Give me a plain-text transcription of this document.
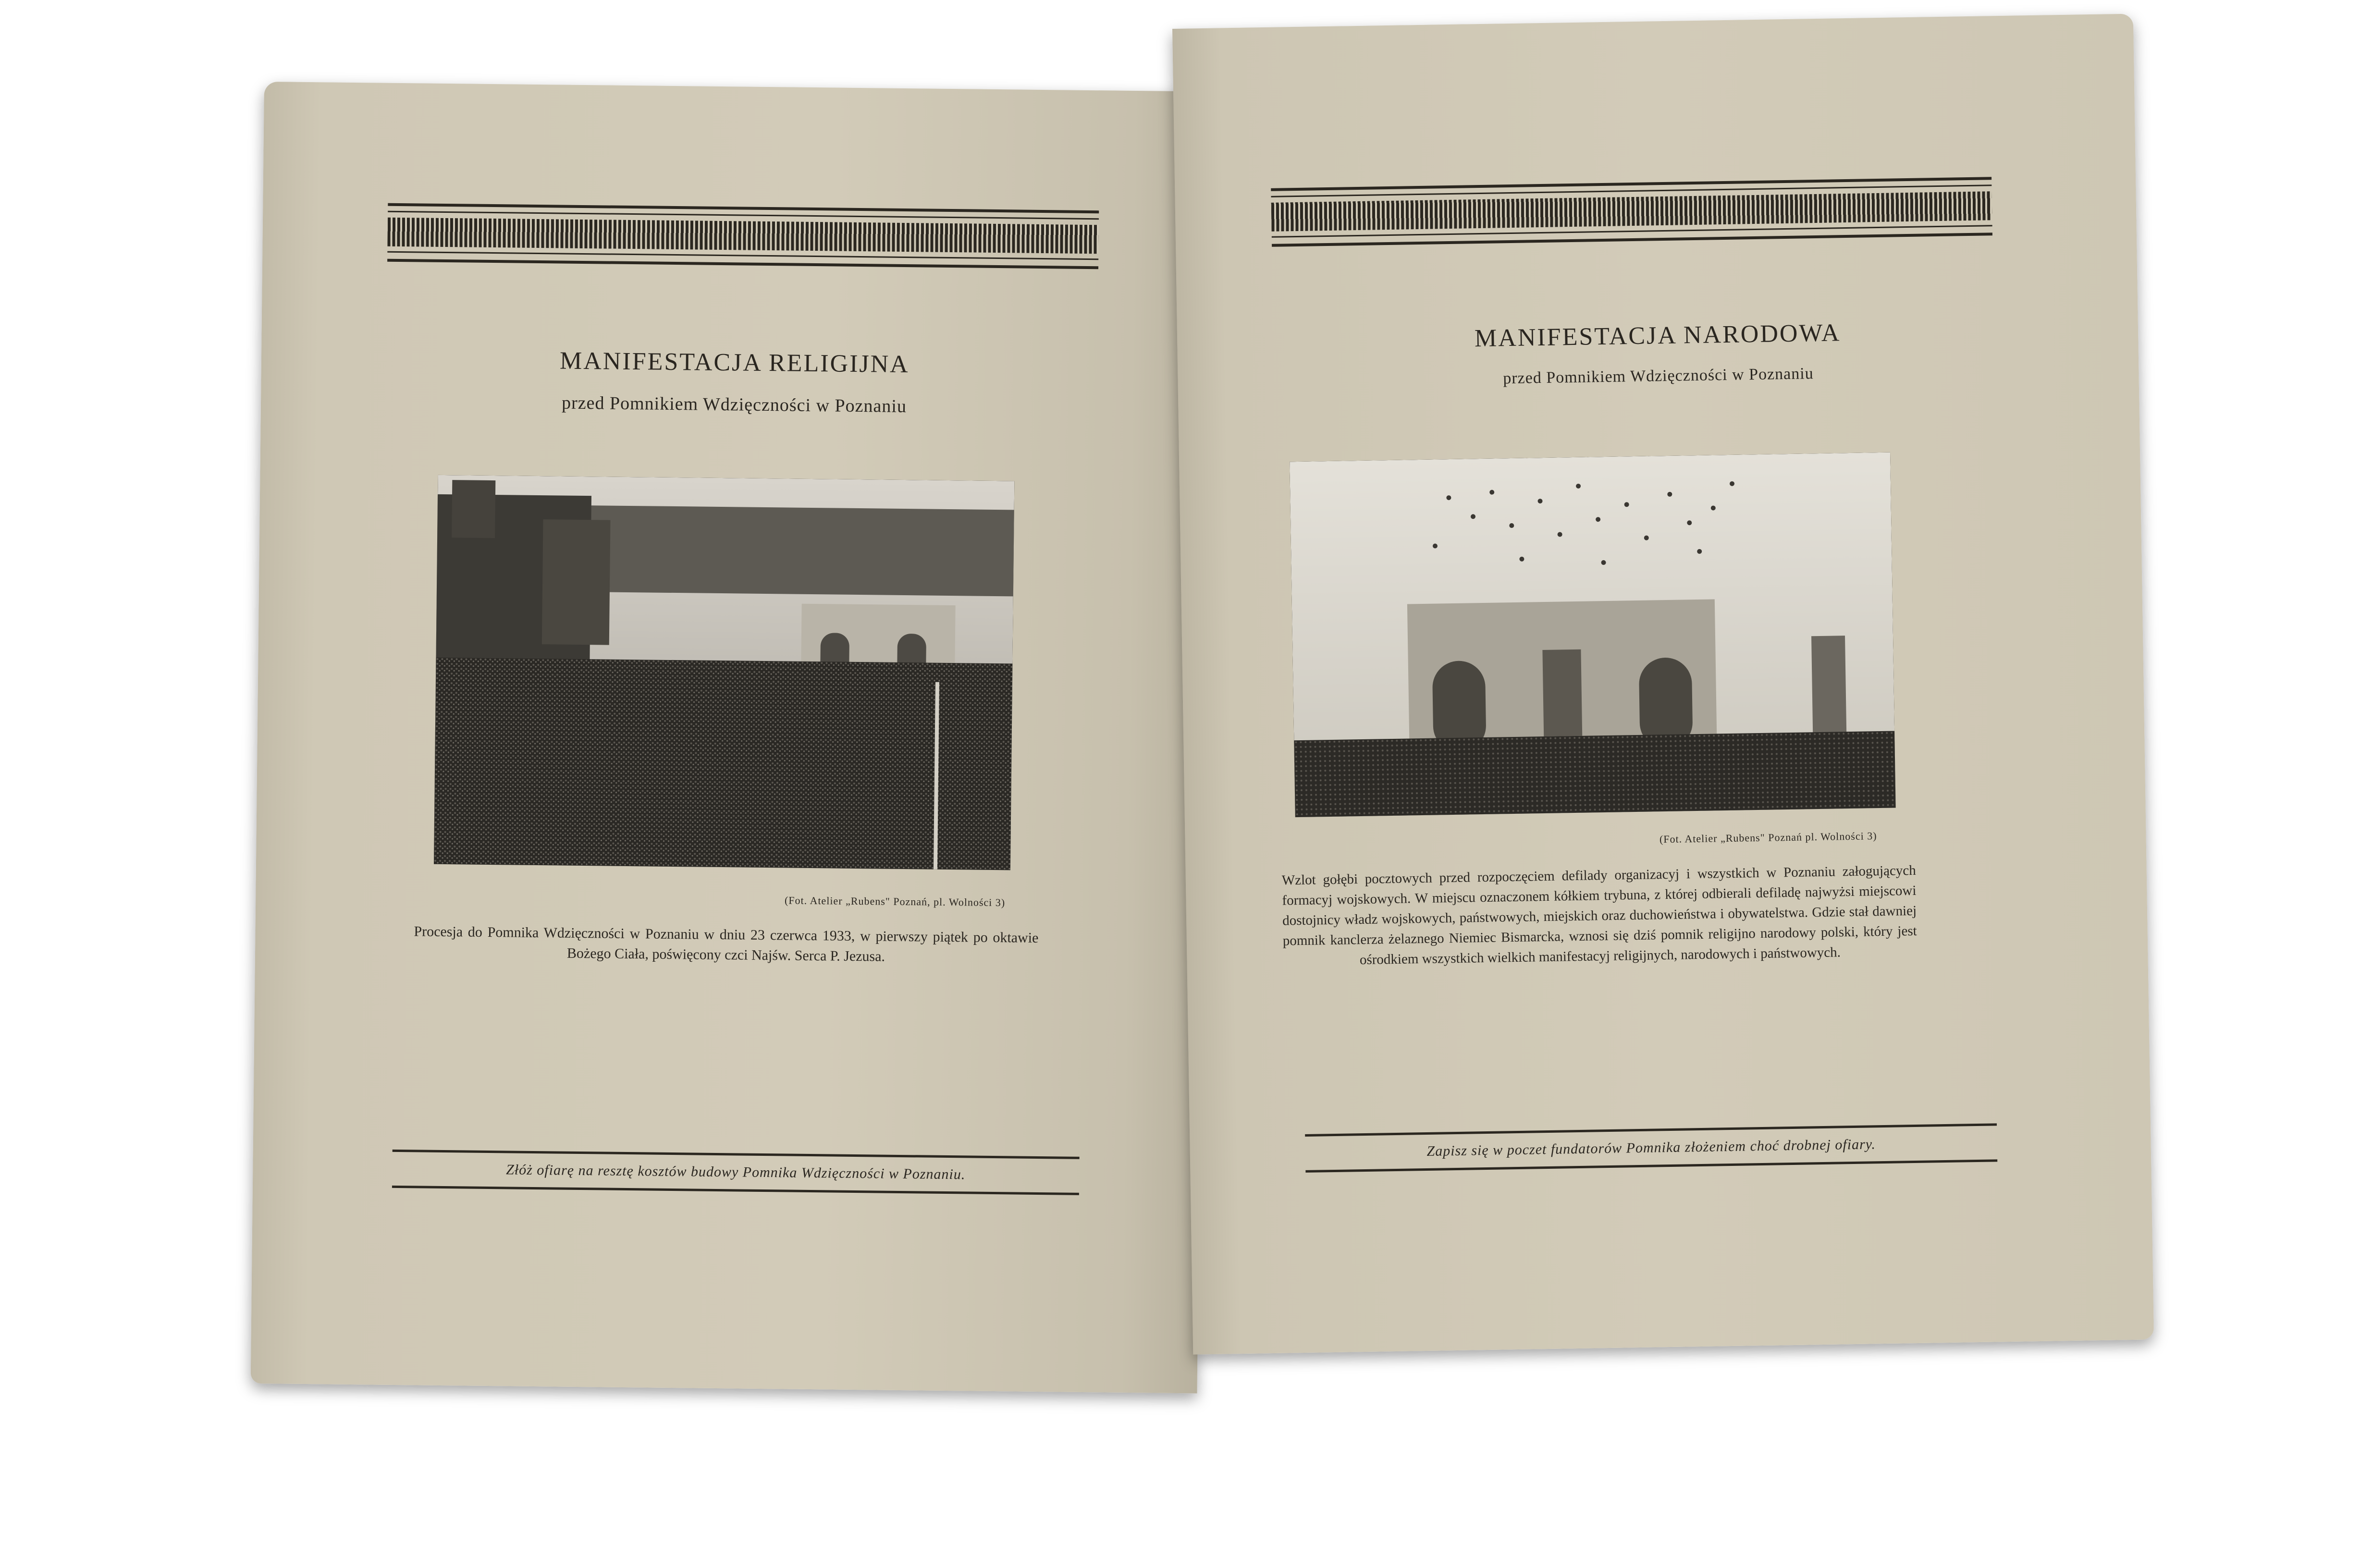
MANIFESTACJA RELIGIJNA
przed Pomnikiem Wdzięczności w Poznaniu
(Fot. Atelier „Rubens" Poznań, pl. Wolności 3)
Procesja do Pomnika Wdzięczności w Poznaniu w dniu 23 czerwca 1933, w pierwszy piątek po oktawie Bożego Ciała, poświęcony czci Najśw. Serca P. Jezusa.
Złóż ofiarę na resztę kosztów budowy Pomnika Wdzięczności w Poznaniu.
MANIFESTACJA NARODOWA
przed Pomnikiem Wdzięczności w Poznaniu
(Fot. Atelier „Rubens" Poznań pl. Wolności 3)
Wzlot gołębi pocztowych przed rozpoczęciem defilady organizacyj i wszystkich w Poznaniu załogujących formacyj wojskowych. W miejscu oznaczonem kółkiem trybuna, z której odbierali defiladę najwyżsi miejscowi dostojnicy władz wojskowych, państwowych, miejskich oraz duchowieństwa i obywatelstwa. Gdzie stał dawniej pomnik kanclerza żelaznego Niemiec Bismarcka, wznosi się dziś pomnik religijno narodowy polski, który jest ośrodkiem wszystkich wielkich manifestacyj religijnych, narodowych i państwowych.
Zapisz się w poczet fundatorów Pomnika złożeniem choć drobnej ofiary.
